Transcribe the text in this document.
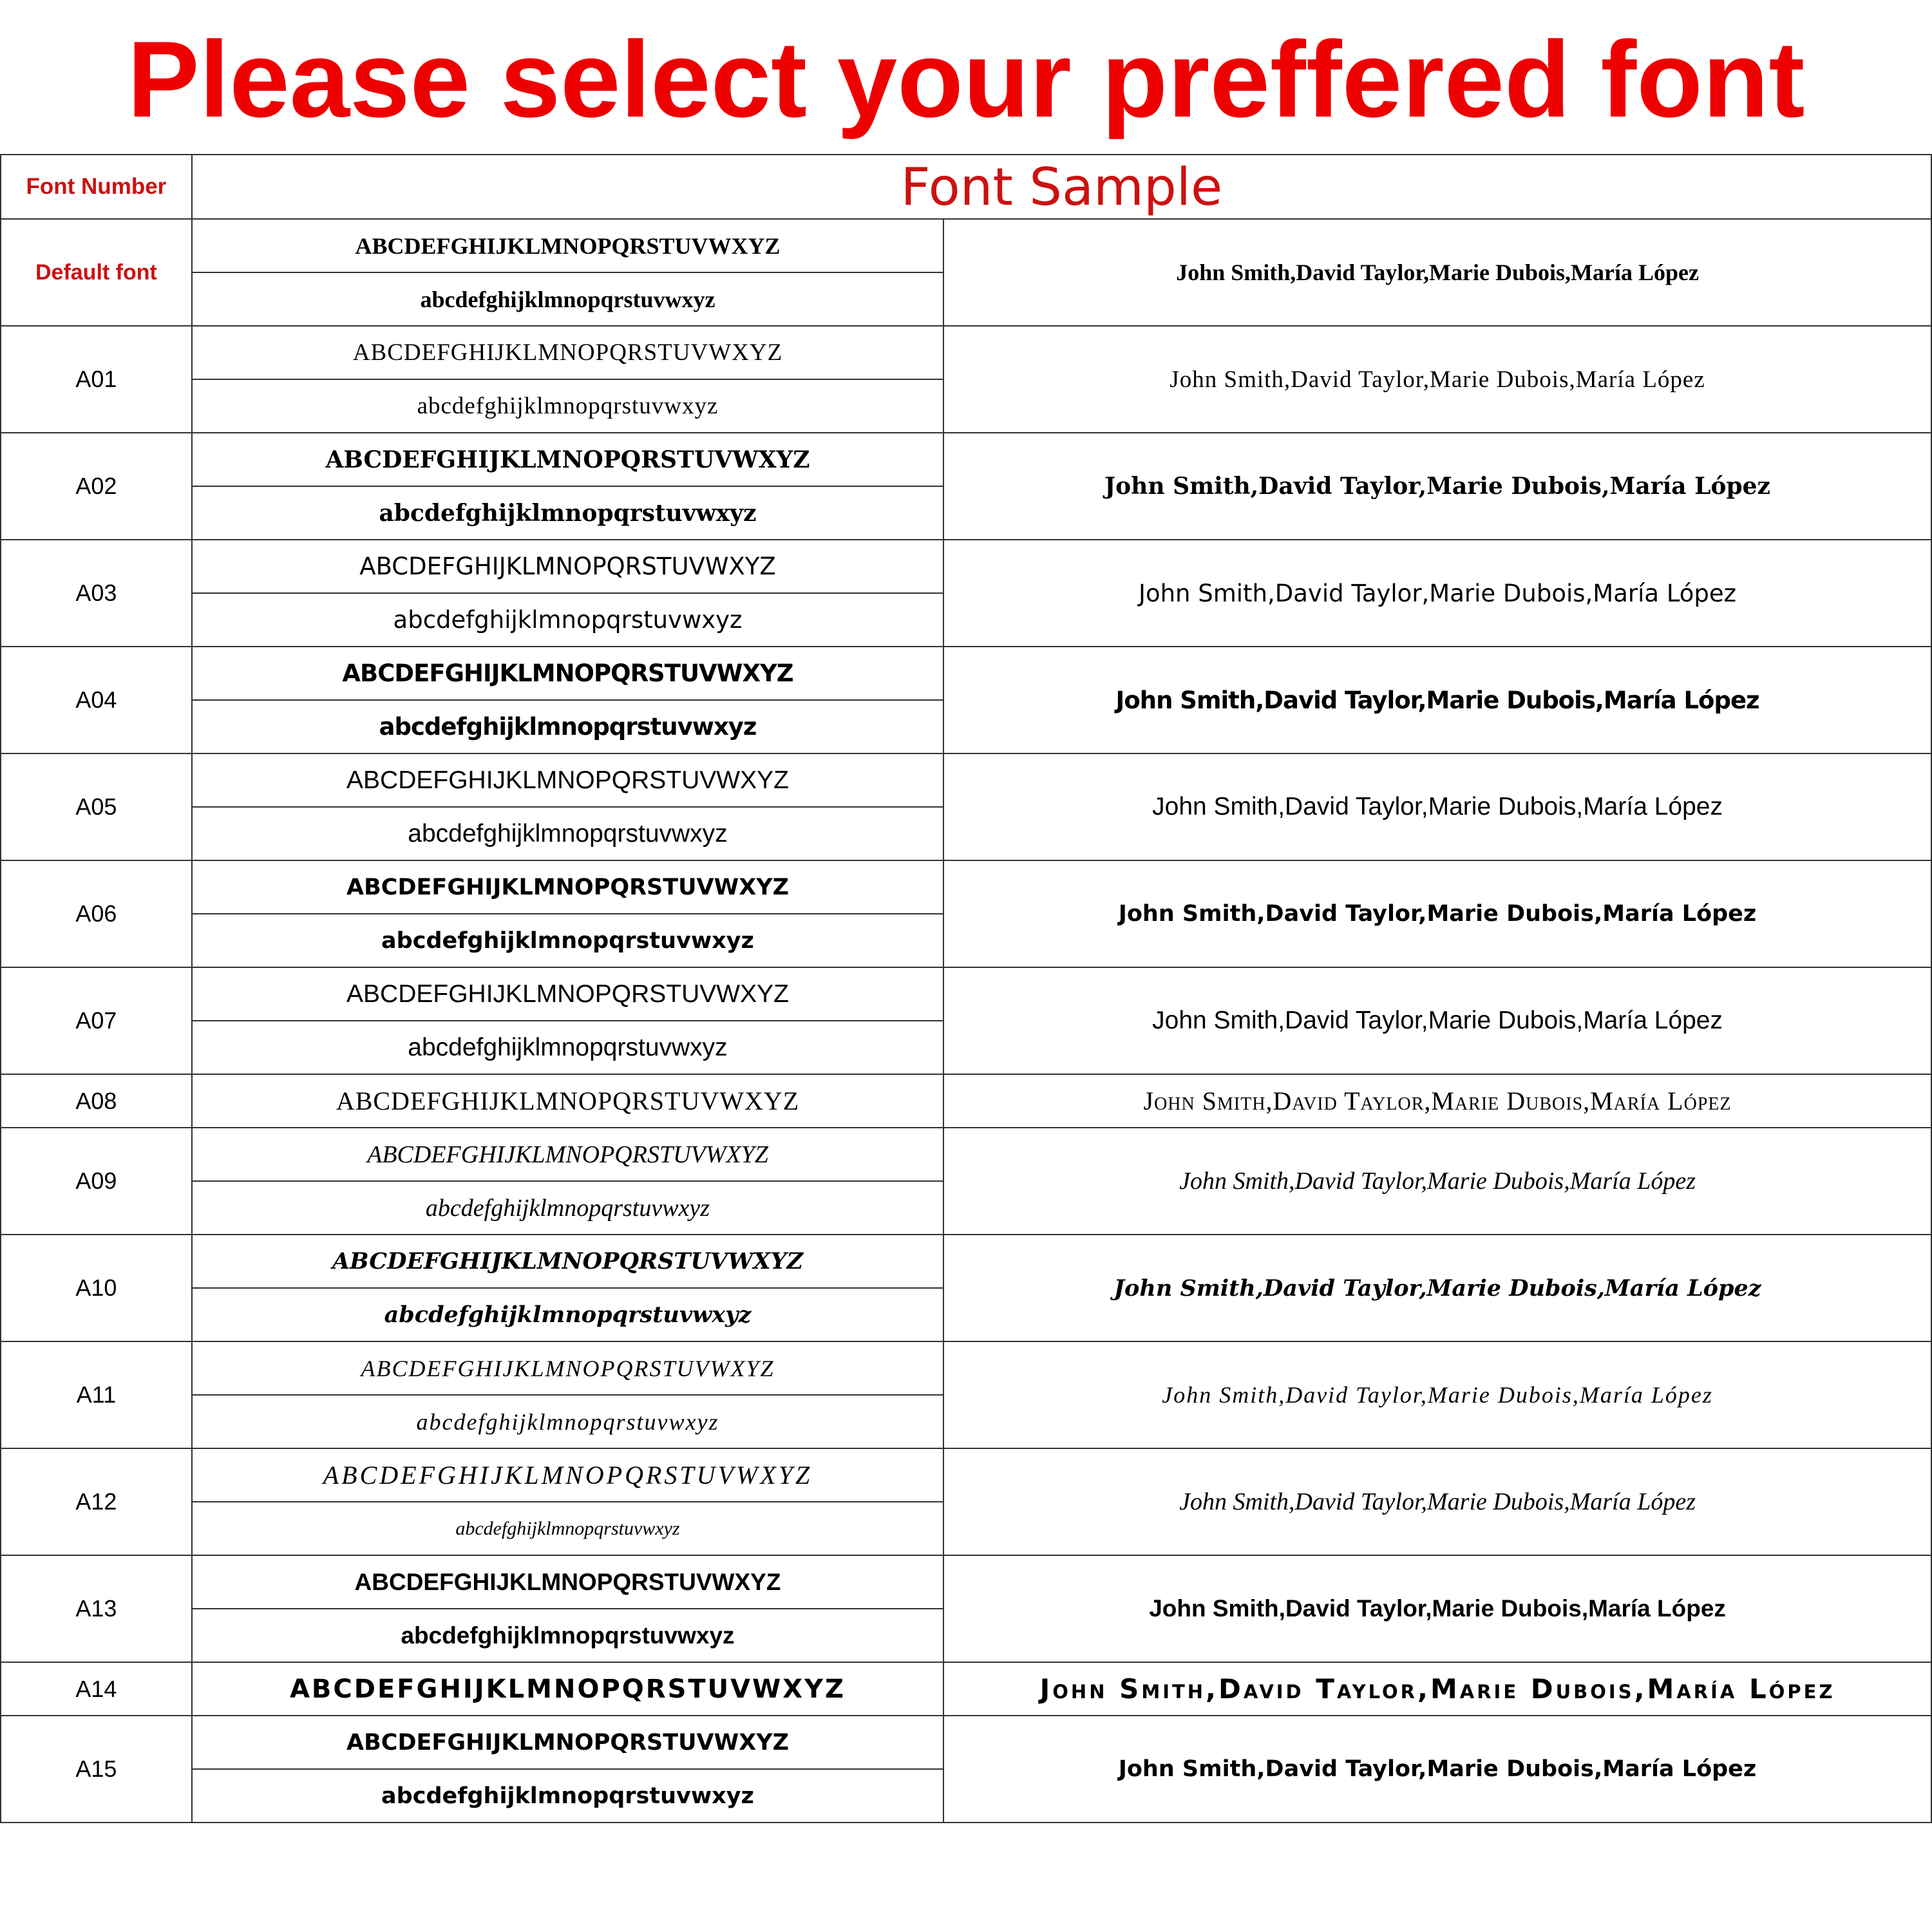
Please select your preffered font
Font Number	Font Sample	
Default font	ABCDEFGHIJKLMNOPQRSTUVWXYZ	John Smith,David Taylor,Marie Dubois,María López
	abcdefghijklmnopqrstuvwxyz	
A01	ABCDEFGHIJKLMNOPQRSTUVWXYZ	John Smith,David Taylor,Marie Dubois,María López
	abcdefghijklmnopqrstuvwxyz	
A02	ABCDEFGHIJKLMNOPQRSTUVWXYZ	John Smith,David Taylor,Marie Dubois,María López
	abcdefghijklmnopqrstuvwxyz	
A03	ABCDEFGHIJKLMNOPQRSTUVWXYZ	John Smith,David Taylor,Marie Dubois,María López
	abcdefghijklmnopqrstuvwxyz	
A04	ABCDEFGHIJKLMNOPQRSTUVWXYZ	John Smith,David Taylor,Marie Dubois,María López
	abcdefghijklmnopqrstuvwxyz	
A05	ABCDEFGHIJKLMNOPQRSTUVWXYZ	John Smith,David Taylor,Marie Dubois,María López
	abcdefghijklmnopqrstuvwxyz	
A06	ABCDEFGHIJKLMNOPQRSTUVWXYZ	John Smith,David Taylor,Marie Dubois,María López
	abcdefghijklmnopqrstuvwxyz	
A07	ABCDEFGHIJKLMNOPQRSTUVWXYZ	John Smith,David Taylor,Marie Dubois,María López
	abcdefghijklmnopqrstuvwxyz	
A08	ABCDEFGHIJKLMNOPQRSTUVWXYZ	John Smith,David Taylor,Marie Dubois,María López

A09	ABCDEFGHIJKLMNOPQRSTUVWXYZ	John Smith,David Taylor,Marie Dubois,María López
	abcdefghijklmnopqrstuvwxyz	
A10	ABCDEFGHIJKLMNOPQRSTUVWXYZ	John Smith,David Taylor,Marie Dubois,María López
	abcdefghijklmnopqrstuvwxyz	
A11	ABCDEFGHIJKLMNOPQRSTUVWXYZ	John Smith,David Taylor,Marie Dubois,María López
	abcdefghijklmnopqrstuvwxyz	
A12	ABCDEFGHIJKLMNOPQRSTUVWXYZ	John Smith,David Taylor,Marie Dubois,María López
	abcdefghijklmnopqrstuvwxyz	
A13	ABCDEFGHIJKLMNOPQRSTUVWXYZ	John Smith,David Taylor,Marie Dubois,María López
	abcdefghijklmnopqrstuvwxyz	
A14	ABCDEFGHIJKLMNOPQRSTUVWXYZ	John Smith,David Taylor,Marie Dubois,María López

A15	ABCDEFGHIJKLMNOPQRSTUVWXYZ	John Smith,David Taylor,Marie Dubois,María López
	abcdefghijklmnopqrstuvwxyz	
